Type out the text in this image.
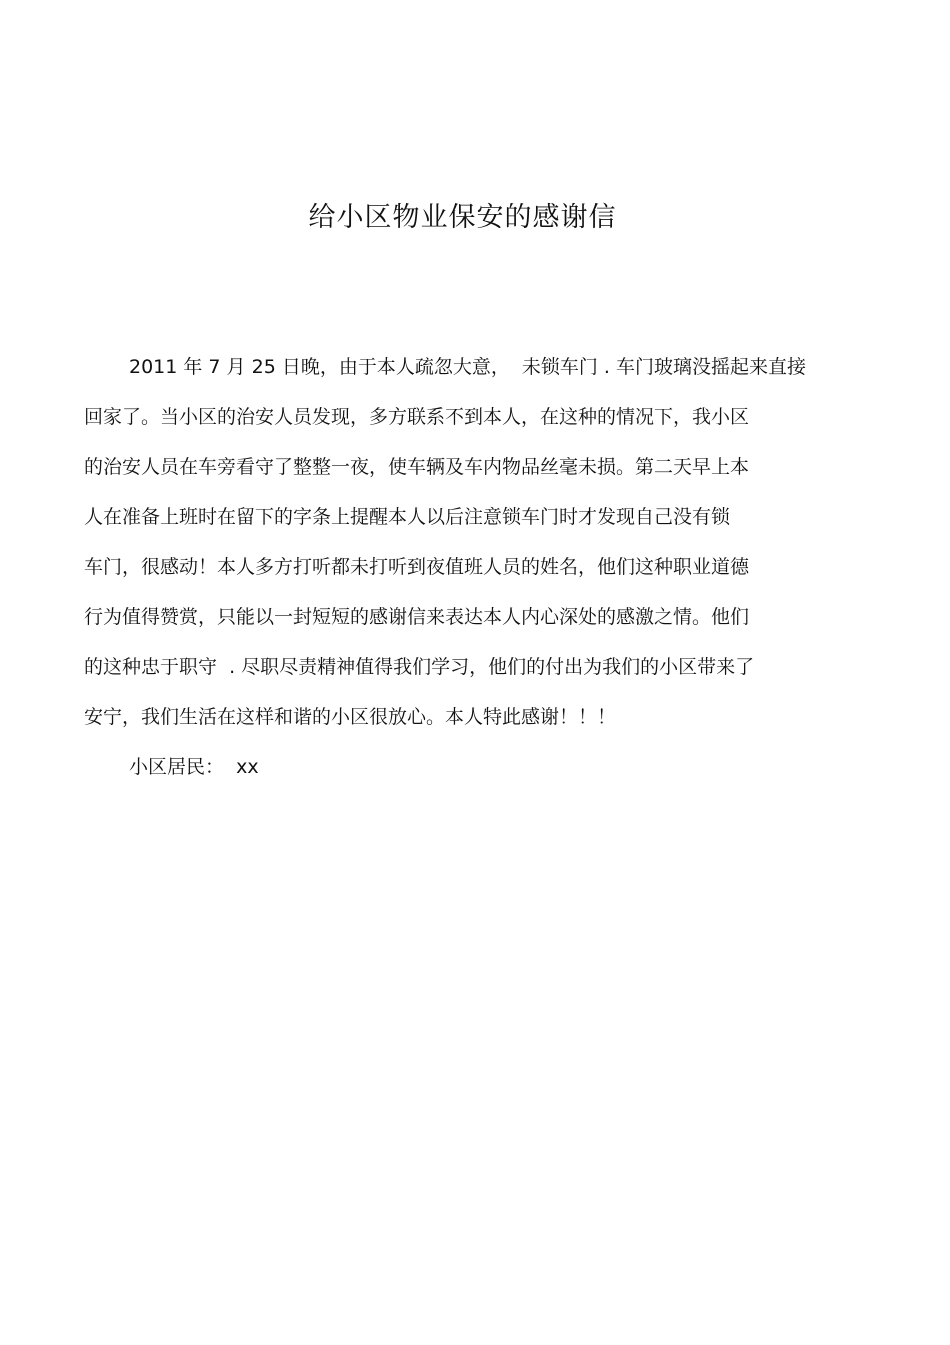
给小区物业保安的感谢信
2011 年 7 月 25 日晚，由于本人疏忽大意，  未锁车门 . 车门玻璃没摇起来直接
回家了。当小区的治安人员发现，多方联系不到本人，在这种的情况下，我小区
的治安人员在车旁看守了整整一夜，使车辆及车内物品丝毫未损。第二天早上本
人在准备上班时在留下的字条上提醒本人以后注意锁车门时才发现自己没有锁
车门，很感动！本人多方打听都未打听到夜值班人员的姓名，他们这种职业道德
行为值得赞赏，只能以一封短短的感谢信来表达本人内心深处的感激之情。他们
的这种忠于职守  . 尽职尽责精神值得我们学习，他们的付出为我们的小区带来了
安宁，我们生活在这样和谐的小区很放心。本人特此感谢！！！
小区居民：  xx
